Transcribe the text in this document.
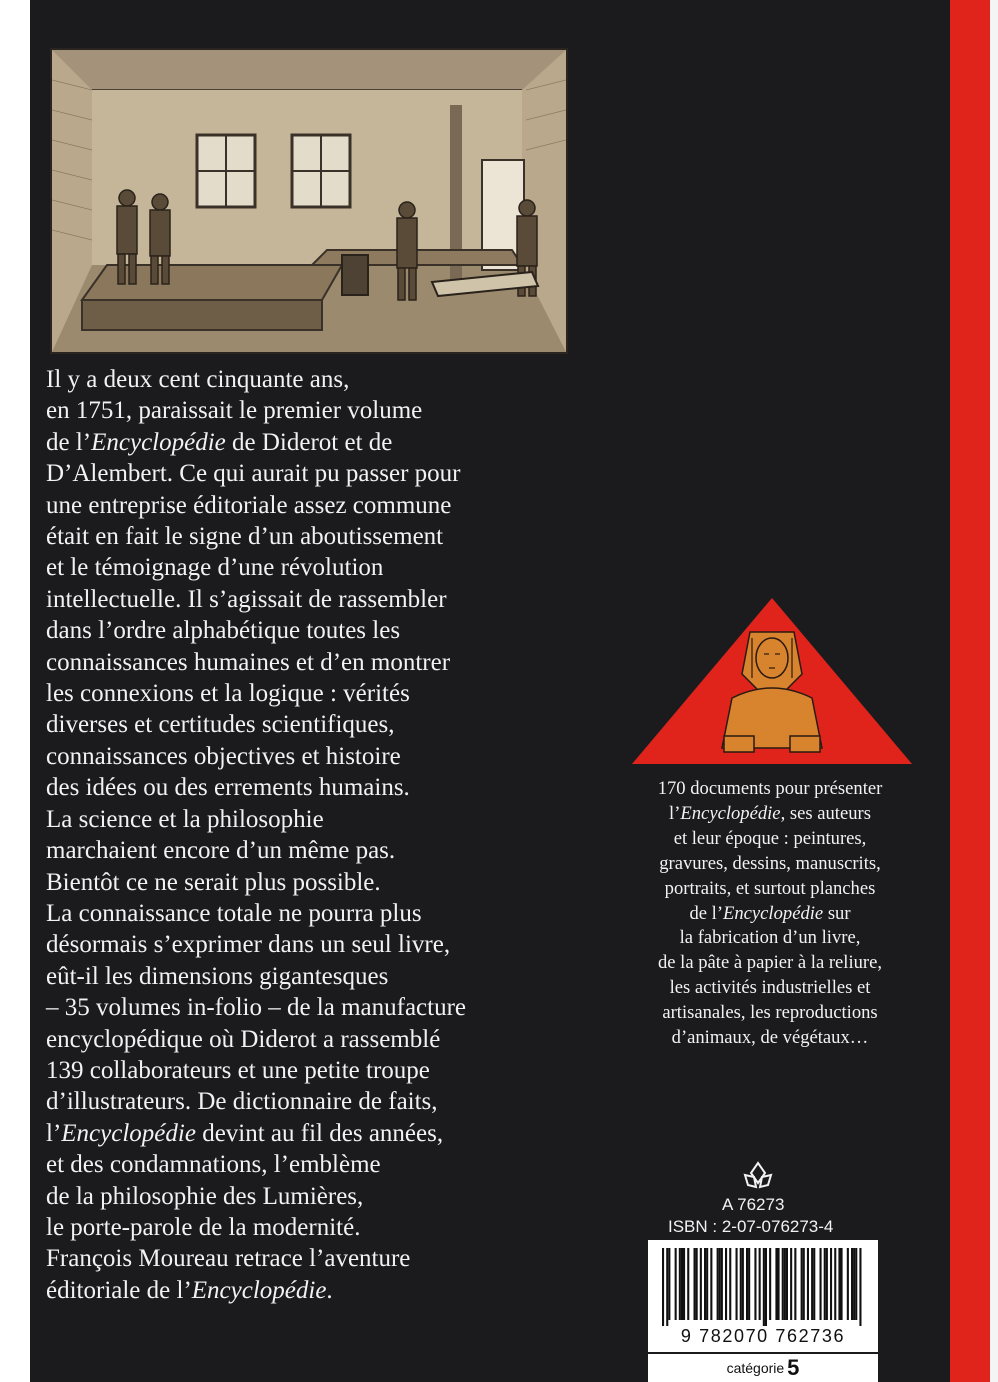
Il y a deux cent cinquante ans,
en 1751, paraissait le premier volume
de l’Encyclopédie de Diderot et de
D’Alembert. Ce qui aurait pu passer pour
une entreprise éditoriale assez commune
était en fait le signe d’un aboutissement
et le témoignage d’une révolution
intellectuelle. Il s’agissait de rassembler
dans l’ordre alphabétique toutes les
connaissances humaines et d’en montrer
les connexions et la logique : vérités
diverses et certitudes scientifiques,
connaissances objectives et histoire
des idées ou des errements humains.
La science et la philosophie
marchaient encore d’un même pas.
Bientôt ce ne serait plus possible.
La connaissance totale ne pourra plus
désormais s’exprimer dans un seul livre,
eût-il les dimensions gigantesques
– 35 volumes in-folio – de la manufacture
encyclopédique où Diderot a rassemblé
139 collaborateurs et une petite troupe
d’illustrateurs. De dictionnaire de faits,
l’Encyclopédie devint au fil des années,
et des condamnations, l’emblème
de la philosophie des Lumières,
le porte-parole de la modernité.
François Moureau retrace l’aventure
éditoriale de l’Encyclopédie.
170 documents pour présenter
l’Encyclopédie, ses auteurs
et leur époque : peintures,
gravures, dessins, manuscrits,
portraits, et surtout planches
de l’Encyclopédie sur
la fabrication d’un livre,
de la pâte à papier à la reliure,
les activités industrielles et
artisanales, les reproductions
d’animaux, de végétaux…
A 76273
ISBN : 2-07-076273-4
9 782070 762736
catégorie 5
